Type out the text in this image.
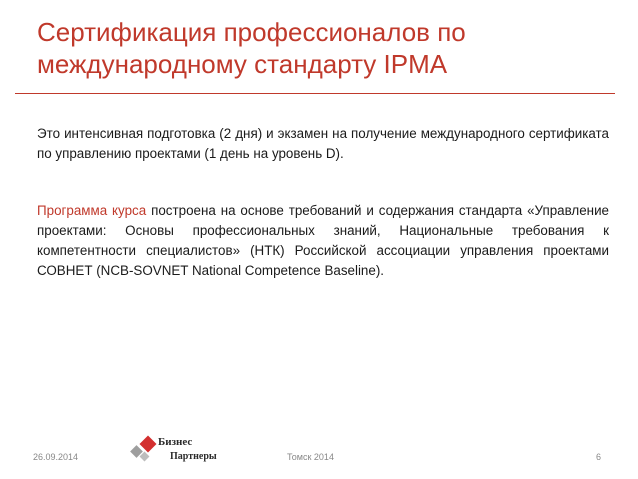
Сертификация профессионалов по международному стандарту IPMA

Это интенсивная подготовка (2 дня) и экзамен на получение международного сертификата по управлению проектами (1 день на уровень D).

Программа курса построена на основе требований и содержания стандарта «Управление проектами: Основы профессиональных знаний, Национальные требования к компетентности специалистов» (НТК) Российской ассоциации управления проектами СОВНЕТ (NCB-SOVNET National Competence Baseline).

26.09.2014
Бизнес
Партнеры	Томск 2014	6
